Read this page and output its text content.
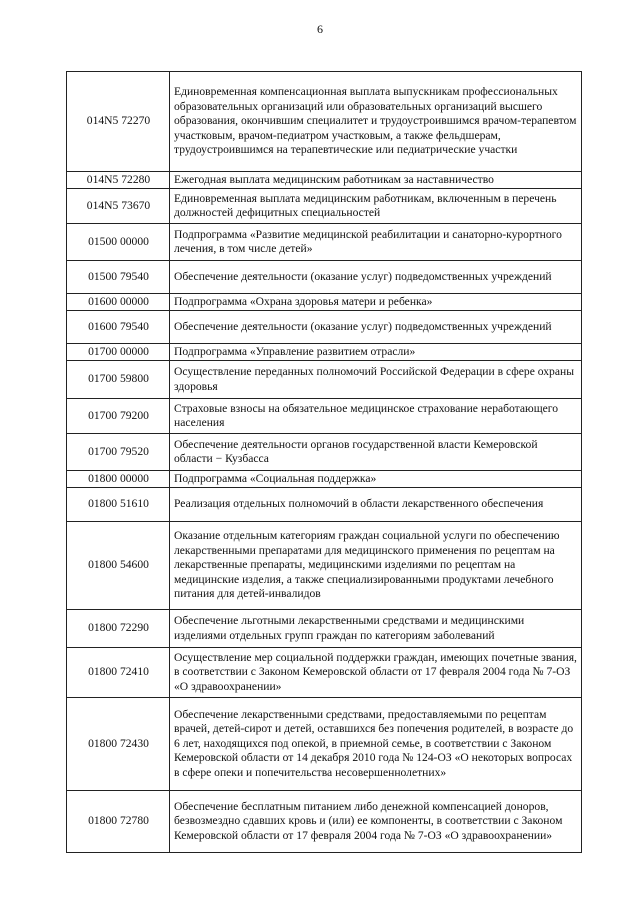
6
014N5 72270	Единовременная компенсационная выплата выпускникам профессиональных образовательных организаций или образовательных организаций высшего образования, окончившим специалитет и трудоустроившимся врачом-терапевтом участковым, врачом-педиатром участковым, а также фельдшерам, трудоустроившимся на терапевтические или педиатрические участки
014N5 72280	Ежегодная выплата медицинским работникам за наставничество
014N5 73670	Единовременная выплата медицинским работникам, включенным в перечень должностей дефицитных специальностей
01500 00000	Подпрограмма «Развитие медицинской реабилитации и санаторно-курортного лечения, в том числе детей»
01500 79540	Обеспечение деятельности (оказание услуг) подведомственных учреждений
01600 00000	Подпрограмма «Охрана здоровья матери и ребенка»
01600 79540	Обеспечение деятельности (оказание услуг) подведомственных учреждений
01700 00000	Подпрограмма «Управление развитием отрасли»
01700 59800	Осуществление переданных полномочий Российской Федерации в сфере охраны здоровья
01700 79200	Страховые взносы на обязательное медицинское страхование неработающего населения
01700 79520	Обеспечение деятельности органов государственной власти Кемеровской области − Кузбасса
01800 00000	Подпрограмма «Социальная поддержка»
01800 51610	Реализация отдельных полномочий в области лекарственного обеспечения
01800 54600	Оказание отдельным категориям граждан социальной услуги по обеспечению лекарственными препаратами для медицинского применения по рецептам на лекарственные препараты, медицинскими изделиями по рецептам на медицинские изделия, а также специализированными продуктами лечебного питания для детей-инвалидов
01800 72290	Обеспечение льготными лекарственными средствами и медицинскими изделиями отдельных групп граждан по категориям заболеваний
01800 72410	Осуществление мер социальной поддержки граждан, имеющих почетные звания, в соответствии с Законом Кемеровской области от 17 февраля 2004 года № 7-ОЗ «О здравоохранении»
01800 72430	Обеспечение лекарственными средствами, предоставляемыми по рецептам врачей, детей-сирот и детей, оставшихся без попечения родителей, в возрасте до 6 лет, находящихся под опекой, в приемной семье, в соответствии с Законом Кемеровской области от 14 декабря 2010 года № 124-ОЗ «О некоторых вопросах в сфере опеки и попечительства несовершеннолетних»
01800 72780	Обеспечение бесплатным питанием либо денежной компенсацией доноров, безвозмездно сдавших кровь и (или) ее компоненты, в соответствии с Законом Кемеровской области от 17 февраля 2004 года № 7-ОЗ «О здравоохранении»
